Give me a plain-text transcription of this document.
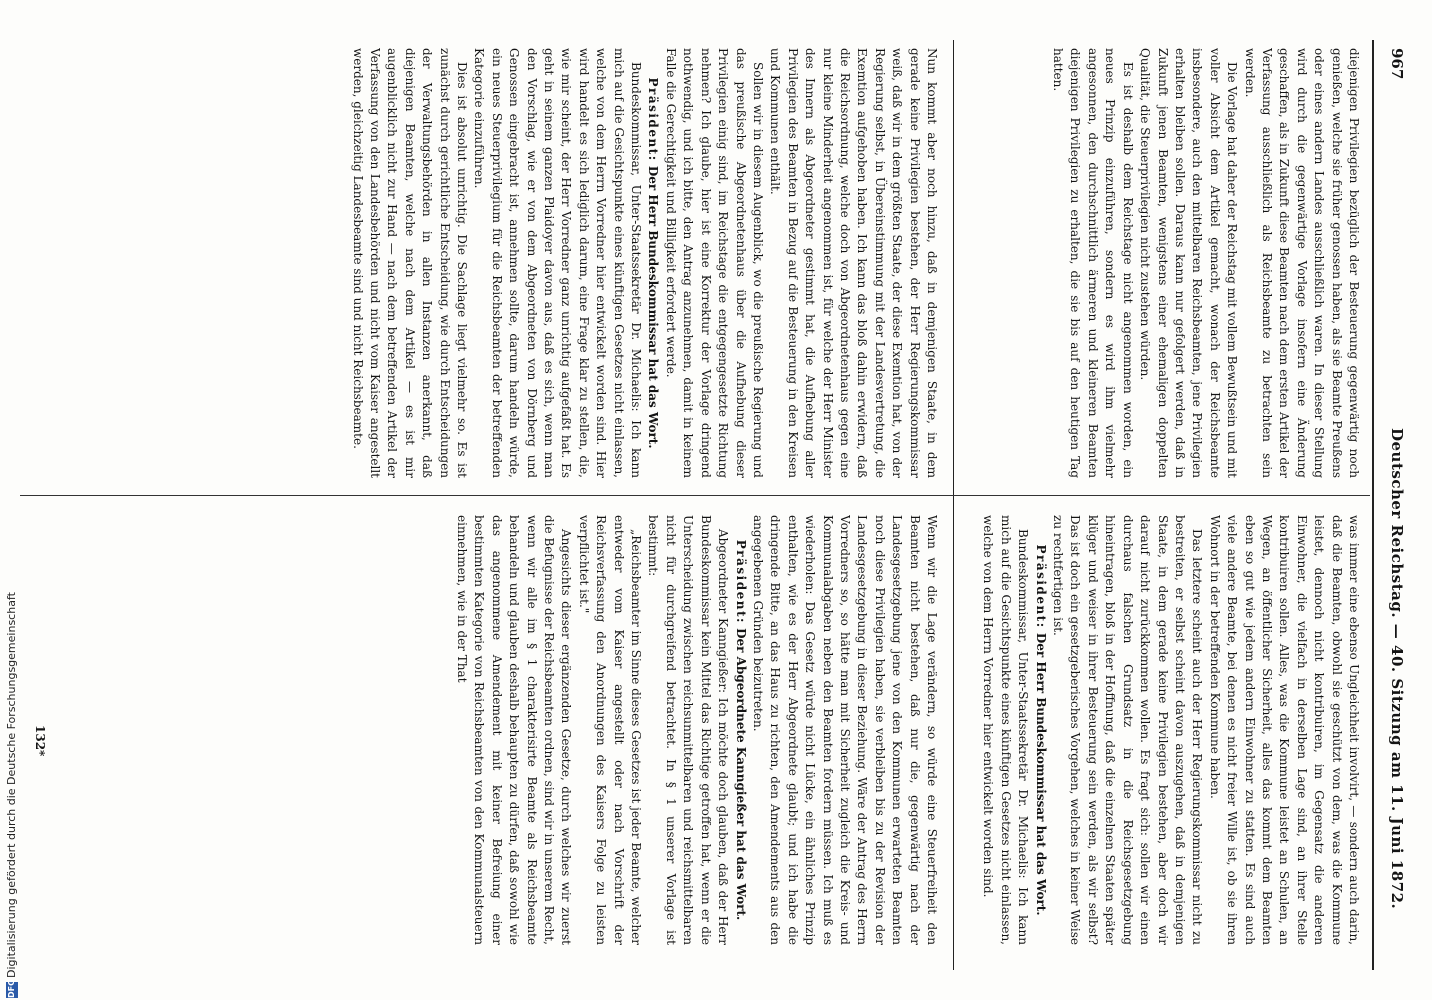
Deutscher Reichstag. — 40. Sitzung am 11. Juni 1872.
967

diejenigen Privilegien bezüglich der Besteuerung gegenwärtig noch genießen, welche sie früher genossen haben, als sie Beamte Preußens oder eines andern Landes ausschließlich waren. In dieser Stellung wird durch die gegenwärtige Vorlage insofern eine Änderung geschaffen, als in Zukunft diese Beamten nach dem ersten Artikel der Verfassung ausschließlich als Reichsbeamte zu betrachten sein werden.

Die Vorlage hat daher der Reichstag mit vollem Bewußtsein und mit voller Absicht dem Artikel gemacht, wonach der Reichsbeamte insbesondere, auch den mittelbaren Reichsbeamten, jene Privilegien erhalten bleiben sollen. Daraus kann nur gefolgert werden, daß in Zukunft jenen Beamten, wenigstens einer ehemaligen doppelten Qualität, die Steuerprivilegien nicht zustehen würden.

Es ist deshalb dem Reichstage nicht angenommen worden, ein neues Prinzip einzuführen, sondern es wird ihm vielmehr angesonnen, den durchschnittlich ärmeren und kleineren Beamten diejenigen Privilegien zu erhalten, die sie bis auf den heutigen Tag hatten.

was immer eine ebenso Ungleichheit involvirt, — sondern auch darin, daß die Beamten, obwohl sie geschützt von dem, was die Kommune leistet, dennoch nicht kontribuiren, im Gegensatz die anderen Einwohner, die vielfach in derselben Lage sind, an ihrer Stelle kontribuiren sollen. Alles, was die Kommune leistet an Schulen, an Wegen, an öffentlicher Sicherheit, alles das kommt dem Beamten eben so gut wie jedem andern Einwohner zu statten. Es sind auch viele andere Beamte, bei denen es nicht freier Wille ist, ob sie ihren Wohnort in der betreffenden Kommune haben.

Das letztere scheint auch der Herr Regierungskommissar nicht zu bestreiten, er selbst scheint davon auszugehen, daß in demjenigen Staate, in dem gerade keine Privilegien bestehen, aber doch wir darauf nicht zurückkommen wollen. Es fragt sich: sollen wir einen durchaus falschen Grundsatz in die Reichsgesetzgebung hineintragen, bloß in der Hoffnung, daß die einzelnen Staaten später klüger und weiser in ihrer Besteuerung sein werden, als wir selbst? Das ist doch ein gesetzgeberisches Vorgehen, welches in keiner Weise zu rechtfertigen ist.

Präsident: Der Herr Bundeskommissar hat das Wort.

Bundeskommissar, Unter-Staatssekretär Dr. Michaelis: Ich kann mich auf die Gesichtspunkte eines künftigen Gesetzes nicht einlassen, welche von dem Herrn Vorredner hier entwickelt worden sind.

Nun kommt aber noch hinzu, daß in demjenigen Staate, in dem gerade keine Privilegien bestehen, der Herr Regierungskommissar weiß, daß wir in dem größten Staate, der diese Exemtion hat, von der Regierung selbst, in Übereinstimmung mit der Landesvertretung, die Exemtion aufgehoben haben. Ich kann das bloß dahin erwidern, daß die Reichsordnung, welche doch von Abgeordnetenhaus gegen eine nur kleine Minderheit angenommen ist, für welche der Herr Minister des Innern als Abgeordneter gestimmt hat, die Aufhebung aller Privilegien des Beamten in Bezug auf die Besteuerung in den Kreisen und Kommunen enthält.

Sollen wir in diesem Augenblick, wo die preußische Regierung und das preußische Abgeordnetenhaus über die Aufhebung dieser Privilegien einig sind, im Reichstage die entgegengesetzte Richtung nehmen? Ich glaube, hier ist eine Korrektur der Vorlage dringend nothwendig, und ich bitte, den Antrag anzunehmen, damit in keinem Falle die Gerechtigkeit und Billigkeit erfordert werde.

Präsident: Der Herr Bundeskommissar hat das Wort.

Bundeskommissar, Unter-Staatssekretär Dr. Michaelis: Ich kann mich auf die Gesichtspunkte eines künftigen Gesetzes nicht einlassen, welche von dem Herrn Vorredner hier entwickelt worden sind. Hier wird handelt es sich lediglich darum, eine Frage klar zu stellen, die, wie mir scheint, der Herr Vorredner ganz unrichtig aufgefaßt hat. Es geht in seinem ganzen Plaidoyer davon aus, daß es sich, wenn man den Vorschlag, wie er von dem Abgeordneten von Dörnberg und Genossen eingebracht ist, annehmen sollte, darum handeln würde, ein neues Steuerprivilegium für die Reichsbeamten der betreffenden Kategorie einzuführen.

Dies ist absolut unrichtig. Die Sachlage liegt vielmehr so. Es ist zunächst durch gerichtliche Entscheidung, wie durch Entscheidungen der Verwaltungsbehörden in allen Instanzen anerkannt, daß diejenigen Beamten, welche nach dem Artikel — es ist mir augenblicklich nicht zur Hand — nach dem betreffenden Artikel der Verfassung von den Landesbehörden und nicht vom Kaiser angestellt werden, gleichzeitig Landesbeamte sind und nicht Reichsbeamte.

Wenn wir die Lage verändern, so würde eine Steuerfreiheit den Beamten nicht bestehen, daß nur die, gegenwärtig nach der Landesgesetzgebung jene von den Kommunen erwarteten Beamten noch diese Privilegien haben, sie verbleiben bis zu der Revision der Landesgesetzgebung in dieser Beziehung. Wäre der Antrag des Herrn Vorredners so, so hätte man mit Sicherheit zugleich die Kreis- und Kommunalabgaben neben den Beamten fordern müssen. Ich muß es wiederholen: Das Gesetz würde nicht Lücke, ein ähnliches Prinzip enthalten, wie es der Herr Abgeordnete glaubt; und ich habe die dringende Bitte, an das Haus zu richten, den Amendements aus den angegebenen Gründen beizutreten.

Präsident: Der Abgeordnete Kanngießer hat das Wort.

Abgeordneter Kanngießer: Ich möchte doch glauben, daß der Herr Bundeskommissar kein Mittel das Richtige getroffen hat, wenn er die Unterscheidung zwischen reichsunmittelbaren und reichsmittelbaren nicht für durchgreifend betrachtet. In § 1 unserer Vorlage ist bestimmt:

„Reichsbeamter im Sinne dieses Gesetzes ist jeder Beamte, welcher entweder vom Kaiser angestellt oder nach Vorschrift der Reichsverfassung den Anordnungen des Kaisers Folge zu leisten verpflichtet ist."

Angesichts dieser ergänzenden Gesetze, durch welches wir zuerst die Befugnisse der Reichsbeamten ordnen, sind wir in unserem Recht, wenn wir alle im § 1 charakterisirte Beamte als Reichsbeamte behandeln und glauben deshalb behaupten zu dürfen, daß sowohl wie das angenommene Amendement mit keiner Befreiung einer bestimmten Kategorie von Reichsbeamten von den Kommunalsteuern einnehmen, wie in der That

132*
DFGDigitalisierung gefördert durch die Deutsche Forschungsgemeinschaft
